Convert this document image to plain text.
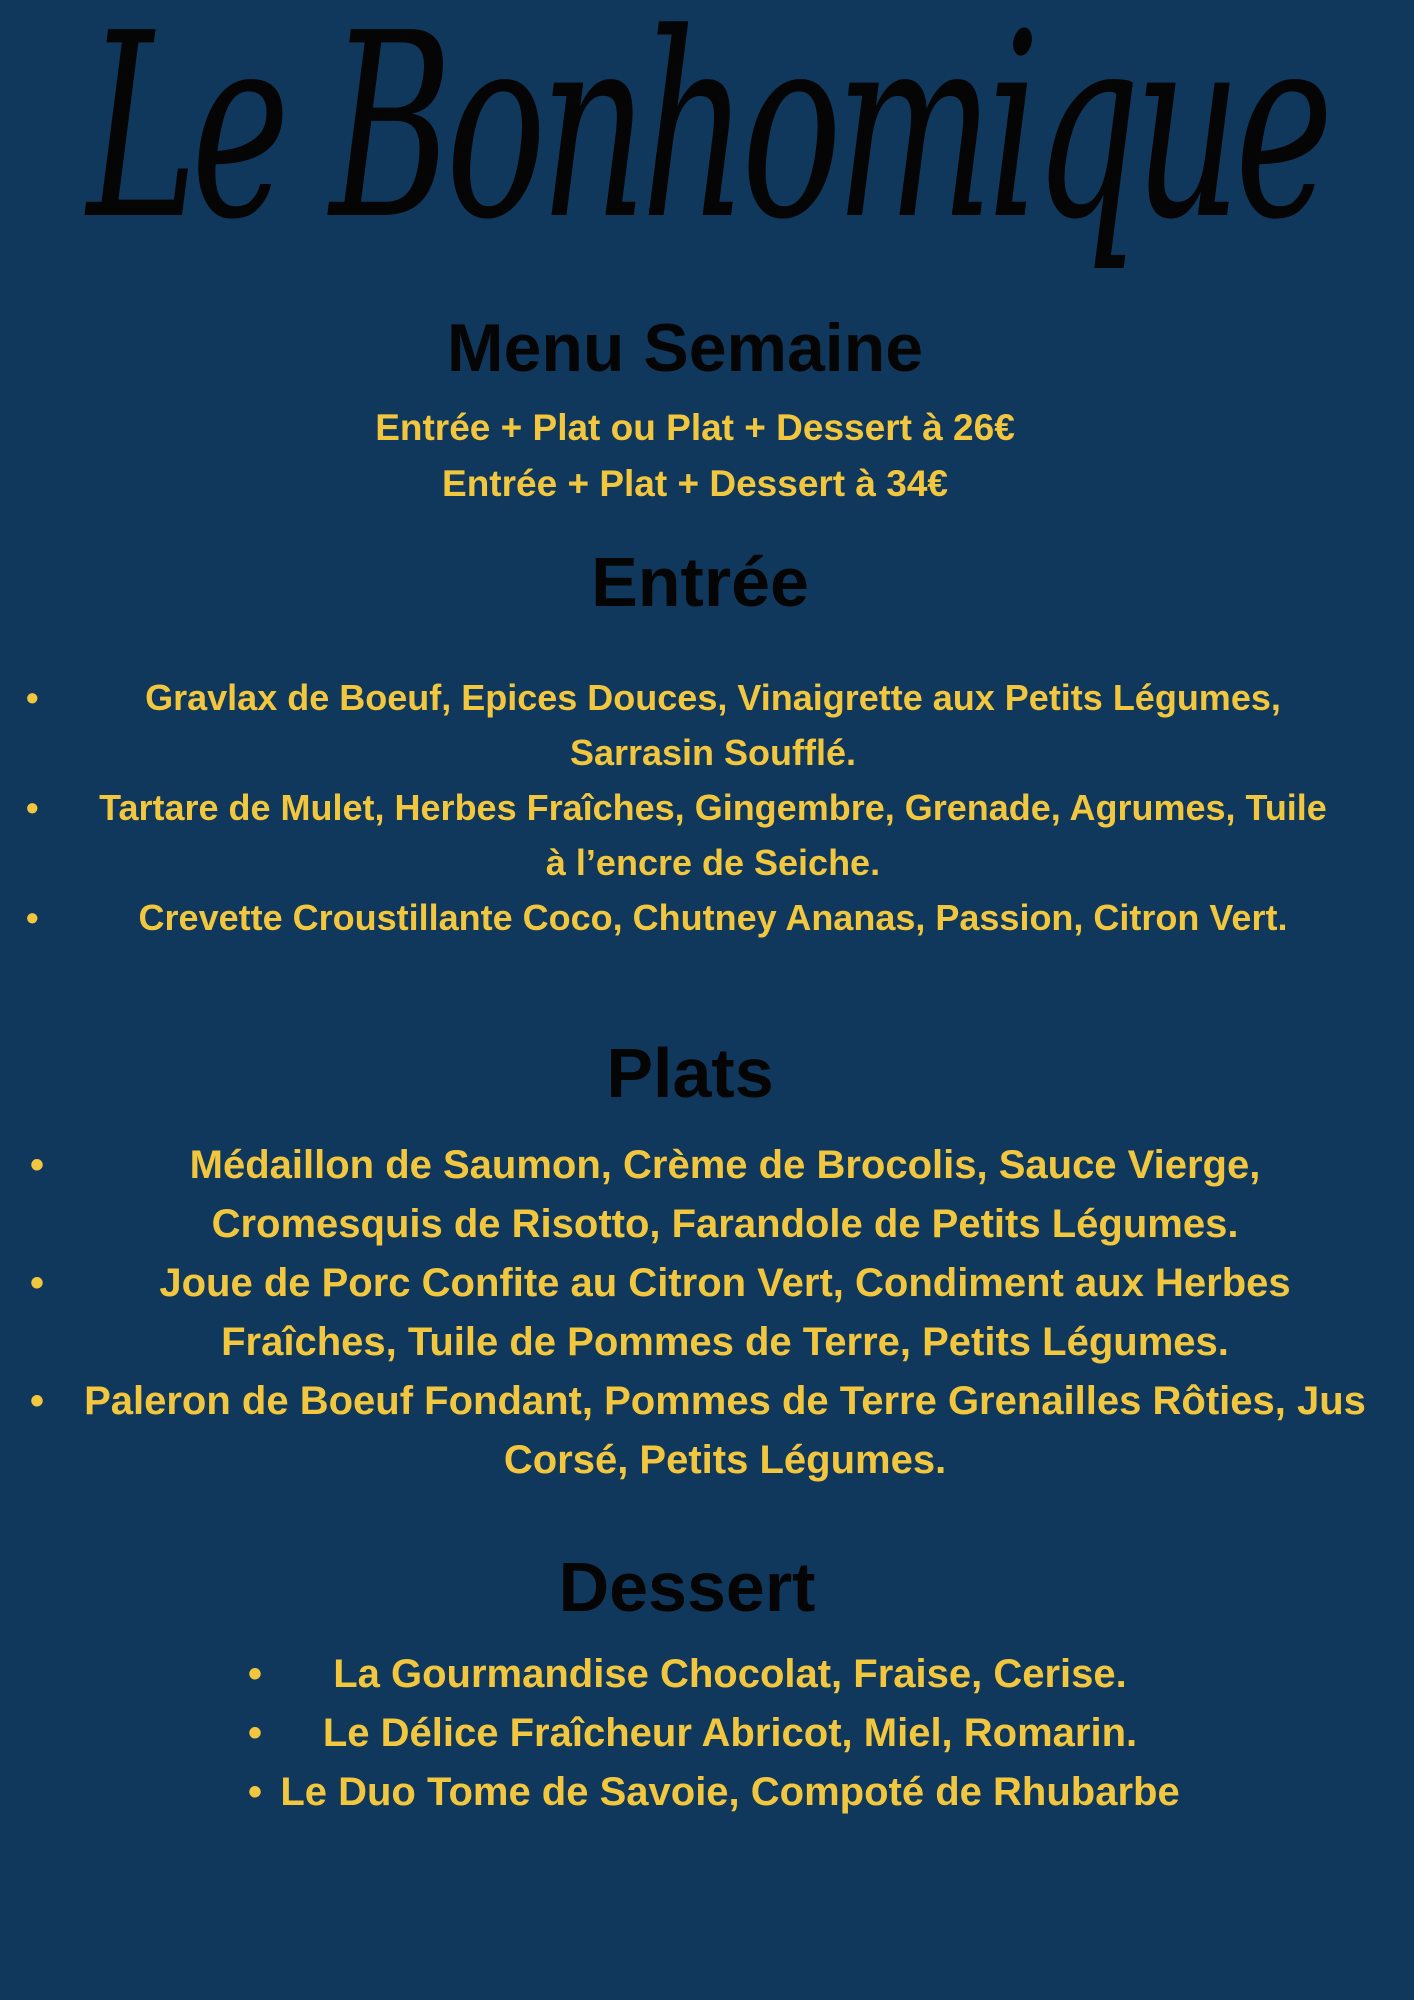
Le Bonhomique
Menu Semaine
Entrée + Plat ou Plat + Dessert à 26€
Entrée + Plat + Dessert à 34€
Entrée
•	Gravlax de Boeuf, Epices Douces, Vinaigrette aux Petits Légumes, Sarrasin Soufflé.
• Tartare de Mulet, Herbes Fraîches, Gingembre, Grenade, Agrumes, Tuile à l’encre de Seiche.
•	Crevette Croustillante Coco, Chutney Ananas, Passion, Citron Vert.
Plats
•	Médaillon de Saumon, Crème de Brocolis, Sauce Vierge, Cromesquis de Risotto, Farandole de Petits Légumes.
•	Joue de Porc Confite au Citron Vert, Condiment aux Herbes Fraîches, Tuile de Pommes de Terre, Petits Légumes.
• Paleron de Boeuf Fondant, Pommes de Terre Grenailles Rôties, Jus Corsé, Petits Légumes.
Dessert
•	La Gourmandise Chocolat, Fraise, Cerise.
•	Le Délice Fraîcheur Abricot, Miel, Romarin.
• Le Duo Tome de Savoie, Compoté de Rhubarbe
